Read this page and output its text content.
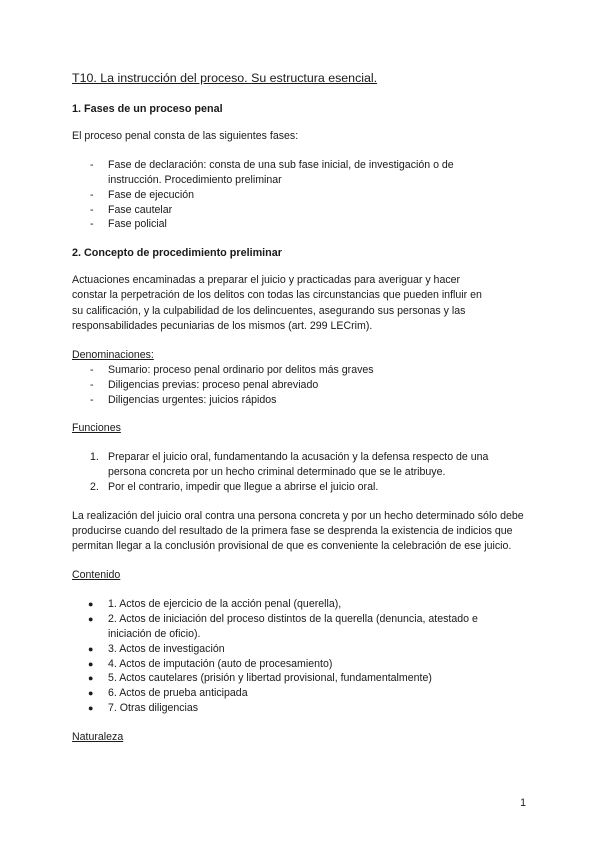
T10. La instrucción del proceso. Su estructura esencial.
1. Fases de un proceso penal

El proceso penal consta de las siguientes fases:

- Fase de declaración: consta de una sub fase inicial, de investigación o de instrucción. Procedimiento preliminar
- Fase de ejecución
- Fase cautelar
- Fase policial
2. Concepto de procedimiento preliminar

Actuaciones encaminadas a preparar el juicio y practicadas para averiguar y hacer constar la perpetración de los delitos con todas las circunstancias que pueden influir en su calificación, y la culpabilidad de los delincuentes, asegurando sus personas y las responsabilidades pecuniarias de los mismos (art. 299 LECrim).

Denominaciones:

- Sumario: proceso penal ordinario por delitos más graves
- Diligencias previas: proceso penal abreviado
- Diligencias urgentes: juicios rápidos

Funciones

1. Preparar el juicio oral, fundamentando la acusación y la defensa respecto de una persona concreta por un hecho criminal determinado que se le atribuye.
2. Por el contrario, impedir que llegue a abrirse el juicio oral.

La realización del juicio oral contra una persona concreta y por un hecho determinado sólo debe producirse cuando del resultado de la primera fase se desprenda la existencia de indicios que permitan llegar a la conclusión provisional de que es conveniente la celebración de ese juicio.

Contenido

● 1. Actos de ejercicio de la acción penal (querella),
● 2. Actos de iniciación del proceso distintos de la querella (denuncia, atestado e iniciación de oficio).
● 3. Actos de investigación
● 4. Actos de imputación (auto de procesamiento)
● 5. Actos cautelares (prisión y libertad provisional, fundamentalmente)
● 6. Actos de prueba anticipada
● 7. Otras diligencias

Naturaleza

1
